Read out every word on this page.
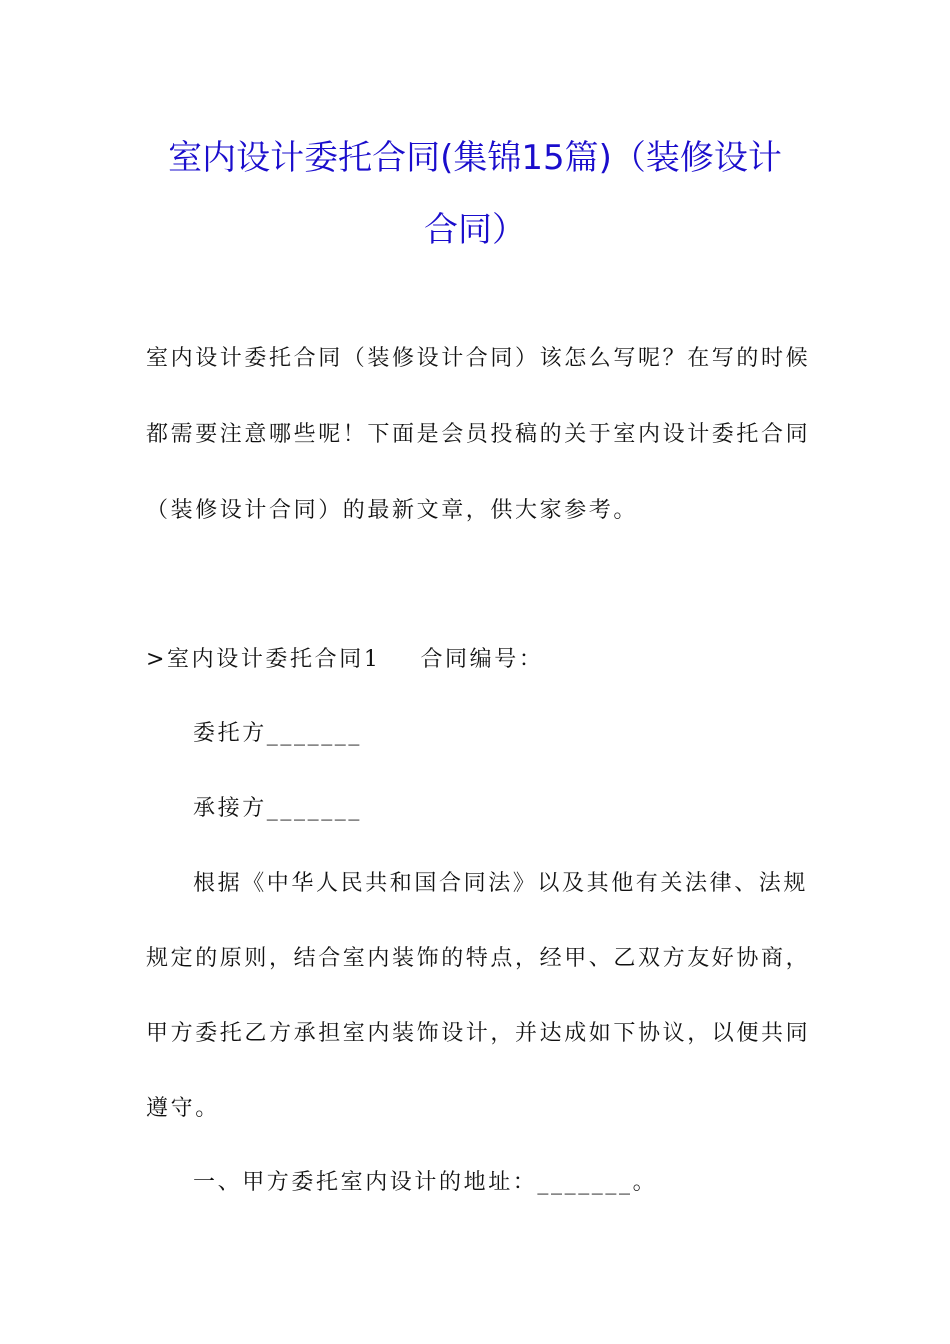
室内设计委托合同(集锦15篇)（装修设计
合同）
室内设计委托合同（装修设计合同）该怎么写呢？在写的时候
都需要注意哪些呢！下面是会员投稿的关于室内设计委托合同
（装修设计合同）的最新文章，供大家参考。
>室内设计委托合同1 合同编号：
委托方_______
承接方_______
根据《中华人民共和国合同法》以及其他有关法律、法规
规定的原则，结合室内装饰的特点，经甲、乙双方友好协商，
甲方委托乙方承担室内装饰设计，并达成如下协议，以便共同
遵守。
一、甲方委托室内设计的地址：_______。
